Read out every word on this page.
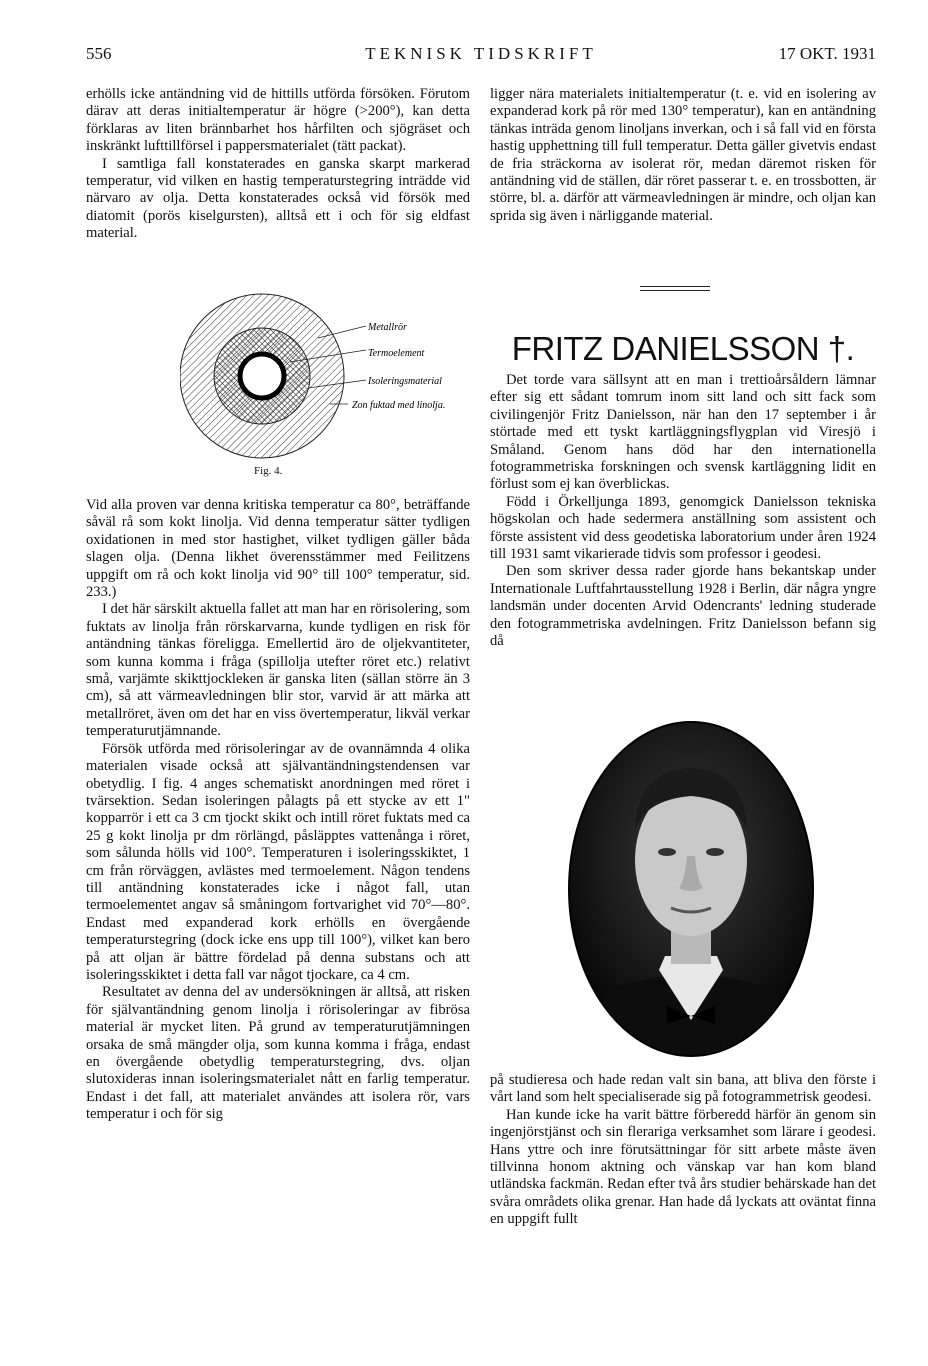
556	TEKNISK TIDSKRIFT	17 OKT. 1931

erhölls icke antändning vid de hittills utförda försöken. Förutom därav att deras initialtemperatur är högre (>200°), kan detta förklaras av liten brännbarhet hos hårfilten och sjögräset och inskränkt lufttillförsel i pappersmaterialet (tätt packat).

I samtliga fall konstaterades en ganska skarpt markerad temperatur, vid vilken en hastig temperaturstegring inträdde vid närvaro av olja. Detta konstaterades också vid försök med diatomit (porös kiselgursten), alltså ett i och för sig eldfast material.

Metallrör
Termoelement
Isoleringsmaterial
Zon fuktad med linolja.
Fig. 4.

Vid alla proven var denna kritiska temperatur ca 80°, beträffande såväl rå som kokt linolja. Vid denna temperatur sätter tydligen oxidationen in med stor hastighet, vilket tydligen gäller båda slagen olja. (Denna likhet överensstämmer med Feilitzens uppgift om rå och kokt linolja vid 90° till 100° temperatur, sid. 233.)

I det här särskilt aktuella fallet att man har en rörisolering, som fuktats av linolja från rörskarvarna, kunde tydligen en risk för antändning tänkas föreligga. Emellertid äro de oljekvantiteter, som kunna komma i fråga (spillolja utefter röret etc.) relativt små, varjämte skikttjockleken är ganska liten (sällan större än 3 cm), så att värmeavledningen blir stor, varvid är att märka att metallröret, även om det har en viss övertemperatur, likväl verkar temperaturutjämnande.

Försök utförda med rörisoleringar av de ovannämnda 4 olika materialen visade också att självantändningstendensen var obetydlig. I fig. 4 anges schematiskt anordningen med röret i tvärsektion. Sedan isoleringen pålagts på ett stycke av ett 1" kopparrör i ett ca 3 cm tjockt skikt och intill röret fuktats med ca 25 g kokt linolja pr dm rörlängd, påsläpptes vattenånga i röret, som sålunda hölls vid 100°. Temperaturen i isoleringsskiktet, 1 cm från rörväggen, avlästes med termoelement. Någon tendens till antändning konstaterades icke i något fall, utan termoelementet angav så småningom fortvarighet vid 70°—80°. Endast med expanderad kork erhölls en övergående temperaturstegring (dock icke ens upp till 100°), vilket kan bero på att oljan är bättre fördelad på denna substans och att isoleringsskiktet i detta fall var något tjockare, ca 4 cm.

Resultatet av denna del av undersökningen är alltså, att risken för självantändning genom linolja i rörisoleringar av fibrösa material är mycket liten. På grund av temperaturutjämningen orsaka de små mängder olja, som kunna komma i fråga, endast en övergående obetydlig temperaturstegring, dvs. oljan slutoxideras innan isoleringsmaterialet nått en farlig temperatur. Endast i det fall, att materialet användes att isolera rör, vars temperatur i och för sig

ligger nära materialets initialtemperatur (t. e. vid en isolering av expanderad kork på rör med 130° temperatur), kan en antändning tänkas inträda genom linoljans inverkan, och i så fall vid en första hastig upphettning till full temperatur. Detta gäller givetvis endast de fria sträckorna av isolerat rör, medan däremot risken för antändning vid de ställen, där röret passerar t. e. en trossbotten, är större, bl. a. därför att värmeavledningen är mindre, och oljan kan sprida sig även i närliggande material.

FRITZ DANIELSSON †.

Det torde vara sällsynt att en man i trettioårsåldern lämnar efter sig ett sådant tomrum inom sitt land och sitt fack som civilingenjör Fritz Danielsson, när han den 17 september i år störtade med ett tyskt kartläggningsflygplan vid Viresjö i Småland. Genom hans död har den internationella fotogrammetriska forskningen och svensk kartläggning lidit en förlust som ej kan överblickas.

Född i Örkelljunga 1893, genomgick Danielsson tekniska högskolan och hade sedermera anställning som assistent och förste assistent vid dess geodetiska laboratorium under åren 1924 till 1931 samt vikarierade tidvis som professor i geodesi.

Den som skriver dessa rader gjorde hans bekantskap under Internationale Luftfahrtausstellung 1928 i Berlin, där några yngre landsmän under docenten Arvid Odencrants' ledning studerade den fotogrammetriska avdelningen. Fritz Danielsson befann sig då

på studieresa och hade redan valt sin bana, att bliva den förste i vårt land som helt specialiserade sig på fotogrammetrisk geodesi.

Han kunde icke ha varit bättre förberedd härför än genom sin ingenjörstjänst och sin flerariga verksamhet som lärare i geodesi. Hans yttre och inre förutsättningar för sitt arbete måste även tillvinna honom aktning och vänskap var han kom bland utländska fackmän. Redan efter två års studier behärskade han det svåra områdets olika grenar. Han hade då lyckats att oväntat finna en uppgift fullt
